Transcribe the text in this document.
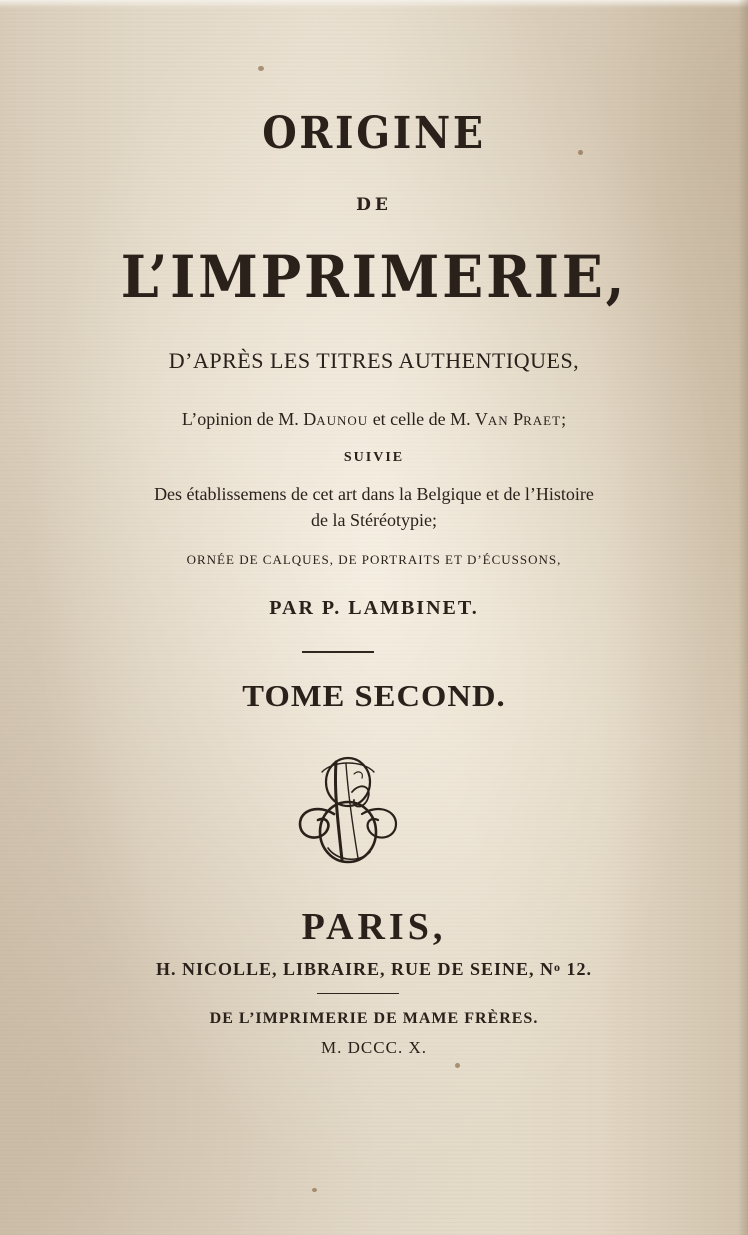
ORIGINE
DE
L’IMPRIMERIE,
D’APRÈS LES TITRES AUTHENTIQUES,
L’opinion de M. DAUNOU et celle de M. VAN PRAET;
SUIVIE
Des établissemens de cet art dans la Belgique et de l’Histoire
de la Stéréotypie;
ORNÉE DE CALQUES, DE PORTRAITS ET D’ÉCUSSONS,
PAR P. LAMBINET.
TOME SECOND.
PARIS,
H. NICOLLE, LIBRAIRE, RUE DE SEINE, $N^o$ 12.
DE L’IMPRIMERIE DE MAME FRÈRES.
M. DCCC. X.
